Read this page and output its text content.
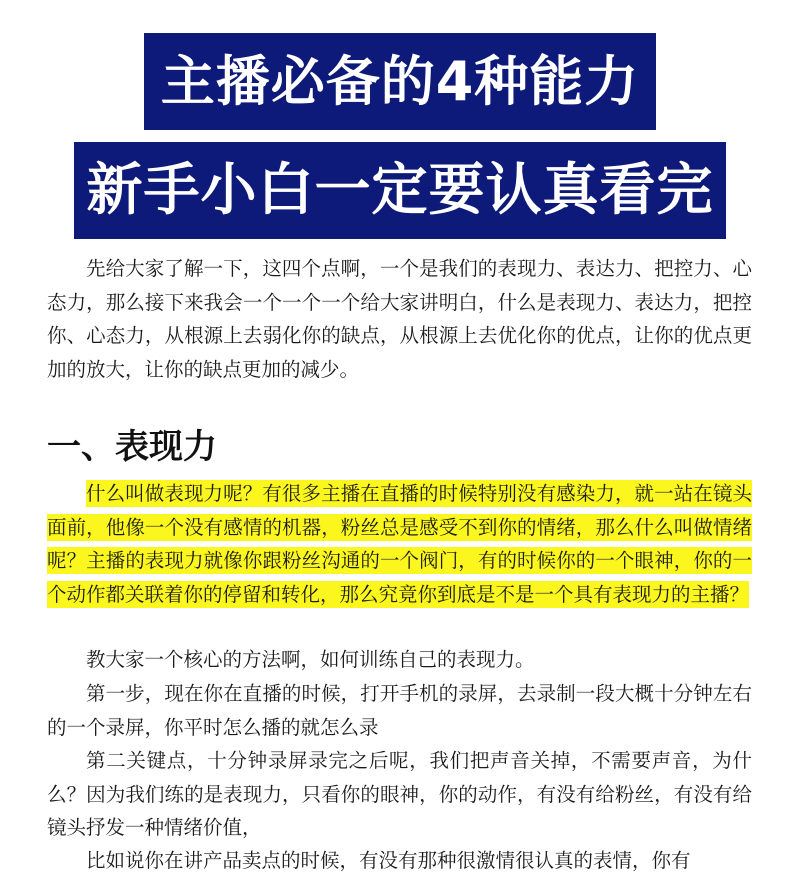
主播必备的4种能力
新手小白一定要认真看完

先给大家了解一下，这四个点啊，一个是我们的表现力、表达力、把控力、心态力，那么接下来我会一个一个一个给大家讲明白，什么是表现力、表达力，把控你、心态力，从根源上去弱化你的缺点，从根源上去优化你的优点，让你的优点更加的放大，让你的缺点更加的减少。

一、表现力

什么叫做表现力呢？有很多主播在直播的时候特别没有感染力，就一站在镜头面前，他像一个没有感情的机器，粉丝总是感受不到你的情绪，那么什么叫做情绪呢？主播的表现力就像你跟粉丝沟通的一个阀门，有的时候你的一个眼神，你的一个动作都关联着你的停留和转化，那么究竟你到底是不是一个具有表现力的主播？

教大家一个核心的方法啊，如何训练自己的表现力。

第一步，现在你在直播的时候，打开手机的录屏，去录制一段大概十分钟左右的一个录屏，你平时怎么播的就怎么录

第二关键点，十分钟录屏录完之后呢，我们把声音关掉，不需要声音，为什么？因为我们练的是表现力，只看你的眼神，你的动作，有没有给粉丝，有没有给镜头抒发一种情绪价值，

比如说你在讲产品卖点的时候，有没有那种很激情很认真的表情，你有
